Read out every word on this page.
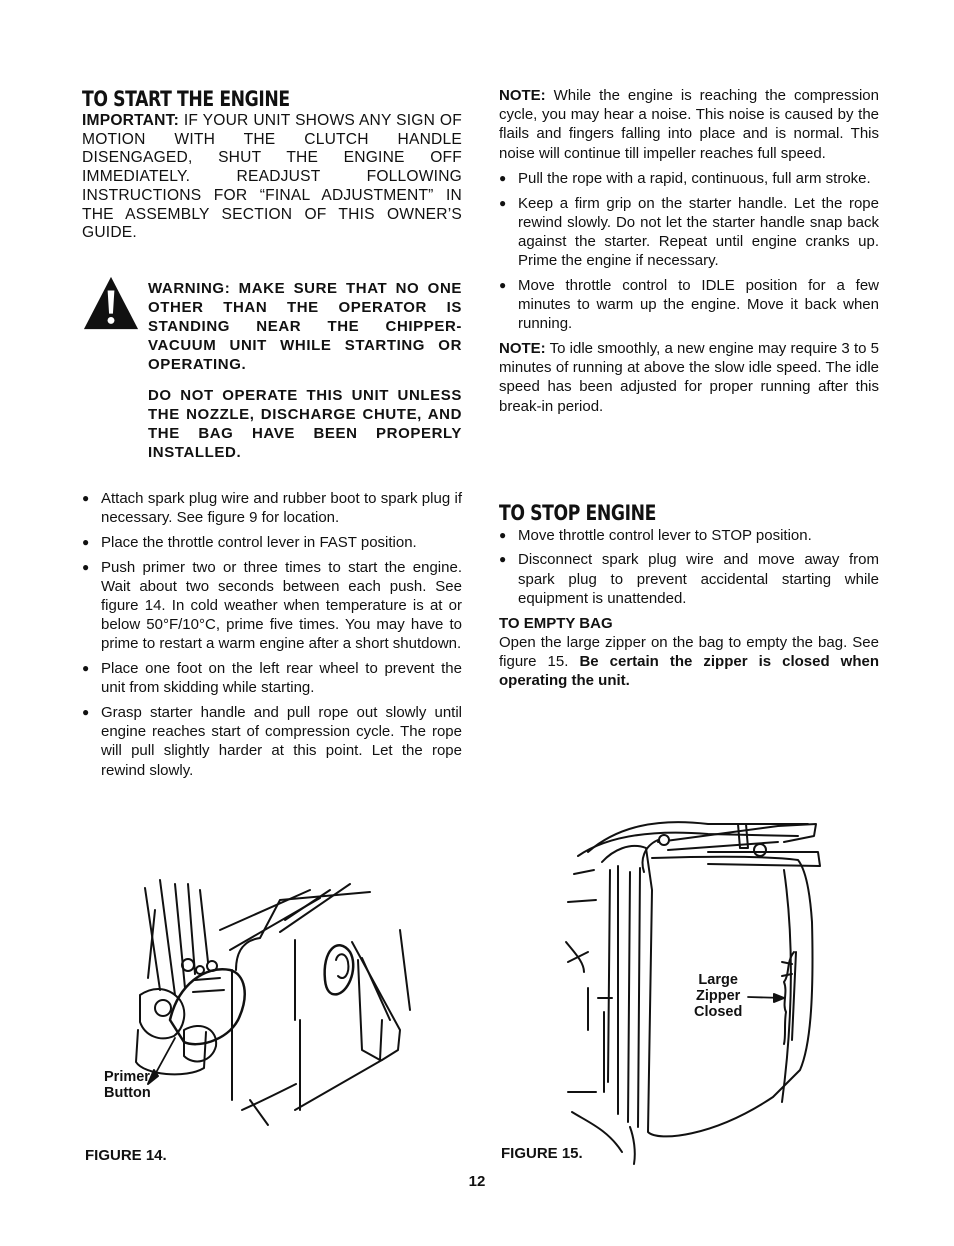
TO START THE ENGINE

IMPORTANT: IF YOUR UNIT SHOWS ANY SIGN OF MOTION WITH THE CLUTCH HANDLE DISENGAGED, SHUT THE ENGINE OFF IMMEDIATELY. READJUST FOLLOWING INSTRUCTIONS FOR “FINAL ADJUSTMENT” IN THE ASSEMBLY SECTION OF THIS OWNER’S GUIDE.

WARNING: MAKE SURE THAT NO ONE OTHER THAN THE OPERATOR IS STANDING NEAR THE CHIPPER-VACUUM UNIT WHILE STARTING OR OPERATING.

DO NOT OPERATE THIS UNIT UNLESS THE NOZZLE, DISCHARGE CHUTE, AND THE BAG HAVE BEEN PROPERLY INSTALLED.

● Attach spark plug wire and rubber boot to spark plug if necessary. See figure 9 for location.
● Place the throttle control lever in FAST position.
● Push primer two or three times to start the engine. Wait about two seconds between each push. See figure 14. In cold weather when temperature is at or below 50°F/10°C, prime five times. You may have to prime to restart a warm engine after a short shutdown.
● Place one foot on the left rear wheel to prevent the unit from skidding while starting.
● Grasp starter handle and pull rope out slowly until engine reaches start of compression cycle. The rope will pull slightly harder at this point. Let the rope rewind slowly.

NOTE: While the engine is reaching the compression cycle, you may hear a noise. This noise is caused by the flails and fingers falling into place and is normal. This noise will continue till impeller reaches full speed.

● Pull the rope with a rapid, continuous, full arm stroke.
● Keep a firm grip on the starter handle. Let the rope rewind slowly. Do not let the starter handle snap back against the starter. Repeat until engine cranks up. Prime the engine if necessary.
● Move throttle control to IDLE position for a few minutes to warm up the engine. Move it back when running.

NOTE: To idle smoothly, a new engine may require 3 to 5 minutes of running at above the slow idle speed. The idle speed has been adjusted for proper running after this break-in period.

TO STOP ENGINE
● Move throttle control lever to STOP position.
● Disconnect spark plug wire and move away from spark plug to prevent accidental starting while equipment is unattended.

TO EMPTY BAG

Open the large zipper on the bag to empty the bag. See figure 15. Be certain the zipper is closed when operating the unit.

Primer
Button
FIGURE 14.
Large
Zipper
Closed
FIGURE 15.
12
